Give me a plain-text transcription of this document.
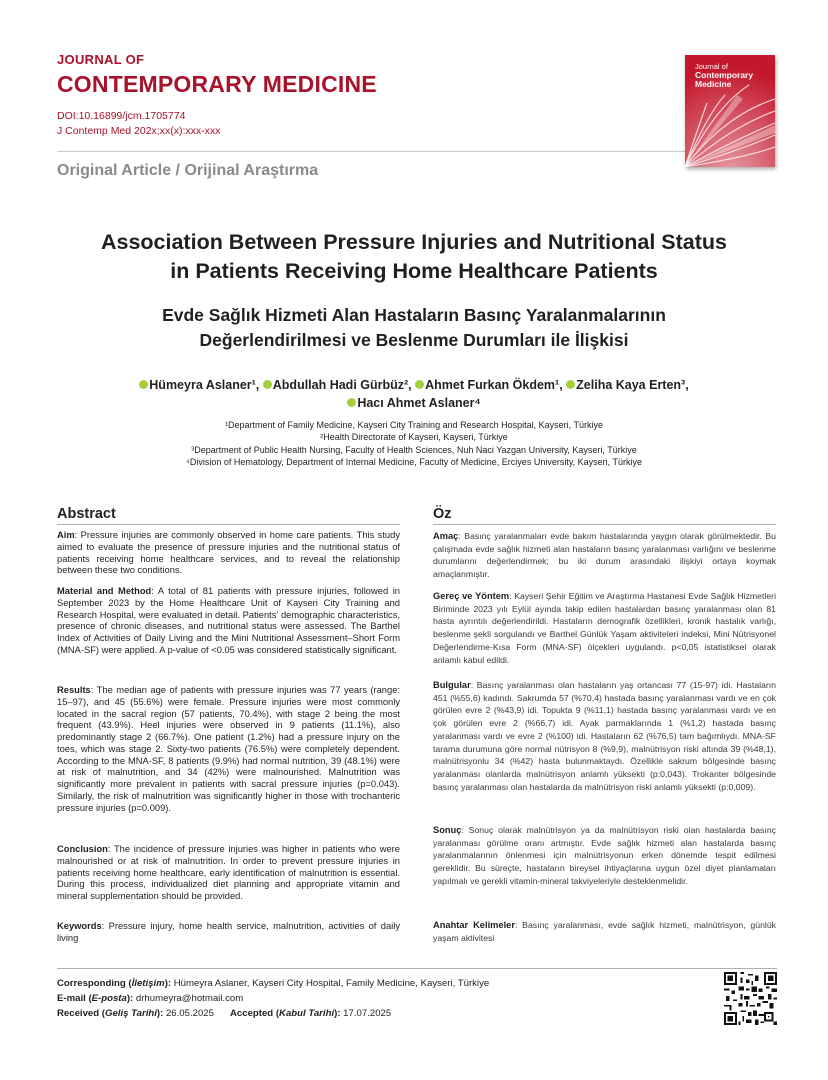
JOURNAL OF
CONTEMPORARY MEDICINE
DOI:10.16899/jcm.1705774
J Contemp Med 202x;xx(x):xxx-xxx
Original Article / Orijinal Araştırma
Journal of
Contemporary Medicine
Association Between Pressure Injuries and Nutritional Status
in Patients Receiving Home Healthcare Patients
Evde Sağlık Hizmeti Alan Hastaların Basınç Yaralanmalarının
Değerlendirilmesi ve Beslenme Durumları ile İlişkisi
Hümeyra Aslaner¹, Abdullah Hadi Gürbüz², Ahmet Furkan Ökdem¹, Zeliha Kaya Erten³,
Hacı Ahmet Aslaner⁴
¹Department of Family Medicine, Kayseri City Training and Research Hospital, Kayseri, Türkiye
²Health Directorate of Kayseri, Kayseri, Türkiye
³Department of Public Health Nursing, Faculty of Health Sciences, Nuh Naci Yazgan University, Kayseri, Türkiye
⁴Division of Hematology, Department of Internal Medicine, Faculty of Medicine, Erciyes University, Kayseri, Türkiye
Abstract
Aim: Pressure injuries are commonly observed in home care patients. This study aimed to evaluate the presence of pressure injuries and the nutritional status of patients receiving home healthcare services, and to reveal the relationship between these two conditions.
Material and Method: A total of 81 patients with pressure injuries, followed in September 2023 by the Home Healthcare Unit of Kayseri City Training and Research Hospital, were evaluated in detail. Patients' demographic characteristics, presence of chronic diseases, and nutritional status were assessed. The Barthel Index of Activities of Daily Living and the Mini Nutritional Assessment–Short Form (MNA-SF) were applied. A p-value of <0.05 was considered statistically significant.
Results: The median age of patients with pressure injuries was 77 years (range: 15–97), and 45 (55.6%) were female. Pressure injuries were most commonly located in the sacral region (57 patients, 70.4%), with stage 2 being the most frequent (43.9%). Heel injuries were observed in 9 patients (11.1%), also predominantly stage 2 (66.7%). One patient (1.2%) had a pressure injury on the toes, which was stage 2. Sixty-two patients (76.5%) were completely dependent. According to the MNA-SF, 8 patients (9.9%) had normal nutrition, 39 (48.1%) were at risk of malnutrition, and 34 (42%) were malnourished. Malnutrition was significantly more prevalent in patients with sacral pressure injuries (p=0.043). Similarly, the risk of malnutrition was significantly higher in those with trochanteric pressure injuries (p=0.009).
Conclusion: The incidence of pressure injuries was higher in patients who were malnourished or at risk of malnutrition. In order to prevent pressure injuries in patients receiving home healthcare, early identification of malnutrition is essential. During this process, individualized diet planning and appropriate vitamin and mineral supplementation should be provided.
Keywords: Pressure injury, home health service, malnutrition, activities of daily living
Öz
Amaç: Basınç yaralanmaları evde bakım hastalarında yaygın olarak görülmektedir. Bu çalışmada evde sağlık hizmeti alan hastaların basınç yaralanması varlığını ve beslenme durumlarını değerlendirmek; bu iki durum arasındaki ilişkiyi ortaya koymak amaçlanmıştır.
Gereç ve Yöntem: Kayseri Şehir Eğitim ve Araştırma Hastanesi Evde Sağlık Hizmetleri Biriminde 2023 yılı Eylül ayında takip edilen hastalardan basınç yaralanması olan 81 hasta ayrıntılı değerlendirildi. Hastaların demografik özellikleri, kronik hastalık varlığı, beslenme şekli sorgulandı ve Barthel Günlük Yaşam aktiviteleri indeksi, Mini Nütrisyonel Değerlendirme-Kısa Form (MNA-SF) ölçekleri uygulandı. p<0,05 istatistiksel olarak anlamlı kabul edildi.
Bulgular: Basınç yaralanması olan hastaların yaş ortancası 77 (15-97) idi. Hastaların 451 (%55,6) kadındı. Sakrumda 57 (%70,4) hastada basınç yaralanması vardı ve en çok görülen evre 2 (%43,9) idi. Topukta 9 (%11,1) hastada basınç yaralanması vardı ve en çok görülen evre 2 (%66,7) idi. Ayak parmaklarında 1 (%1,2) hastada basınç yaralanması vardı ve evre 2 (%100) idi. Hastaların 62 (%76,5) tam bağımlıydı. MNA-SF tarama durumuna göre normal nütrisyon 8 (%9,9), malnütrisyon riski altında 39 (%48,1), malnütrisyonlu 34 (%42) hasta bulunmaktaydı. Özellikle sakrum bölgesinde basınç yaralanması olanlarda malnütrisyon anlamlı yüksekti (p:0,043). Trokanter bölgesinde basınç yaralanması olan hastalarda da malnütrisyon riski anlamlı yüksekti (p:0,009).
Sonuç: Sonuç olarak malnütrisyon ya da malnütrisyon riski olan hastalarda basınç yaralanması görülme oranı artmıştır. Evde sağlık hizmeti alan hastalarda basınç yaralanmalarının önlenmesi için malnütrisyonun erken dönemde tespit edilmesi gereklidir. Bu süreçte, hastaların bireysel ihtiyaçlarına uygun özel diyet planlamaları yapılmalı ve gerekli vitamin-mineral takviyeleriyle desteklenmelidir.
Anahtar Kelimeler: Basınç yaralanması, evde sağlık hizmeti, malnütrisyon, günlük yaşam aktivitesi
Corresponding (İletişim): Hümeyra Aslaner, Kayseri City Hospital, Family Medicine, Kayseri, Türkiye
E-mail (E-posta): drhumeyra@hotmail.com
Received (Geliş Tarihi): 26.05.2025 Accepted (Kabul Tarihi): 17.07.2025
